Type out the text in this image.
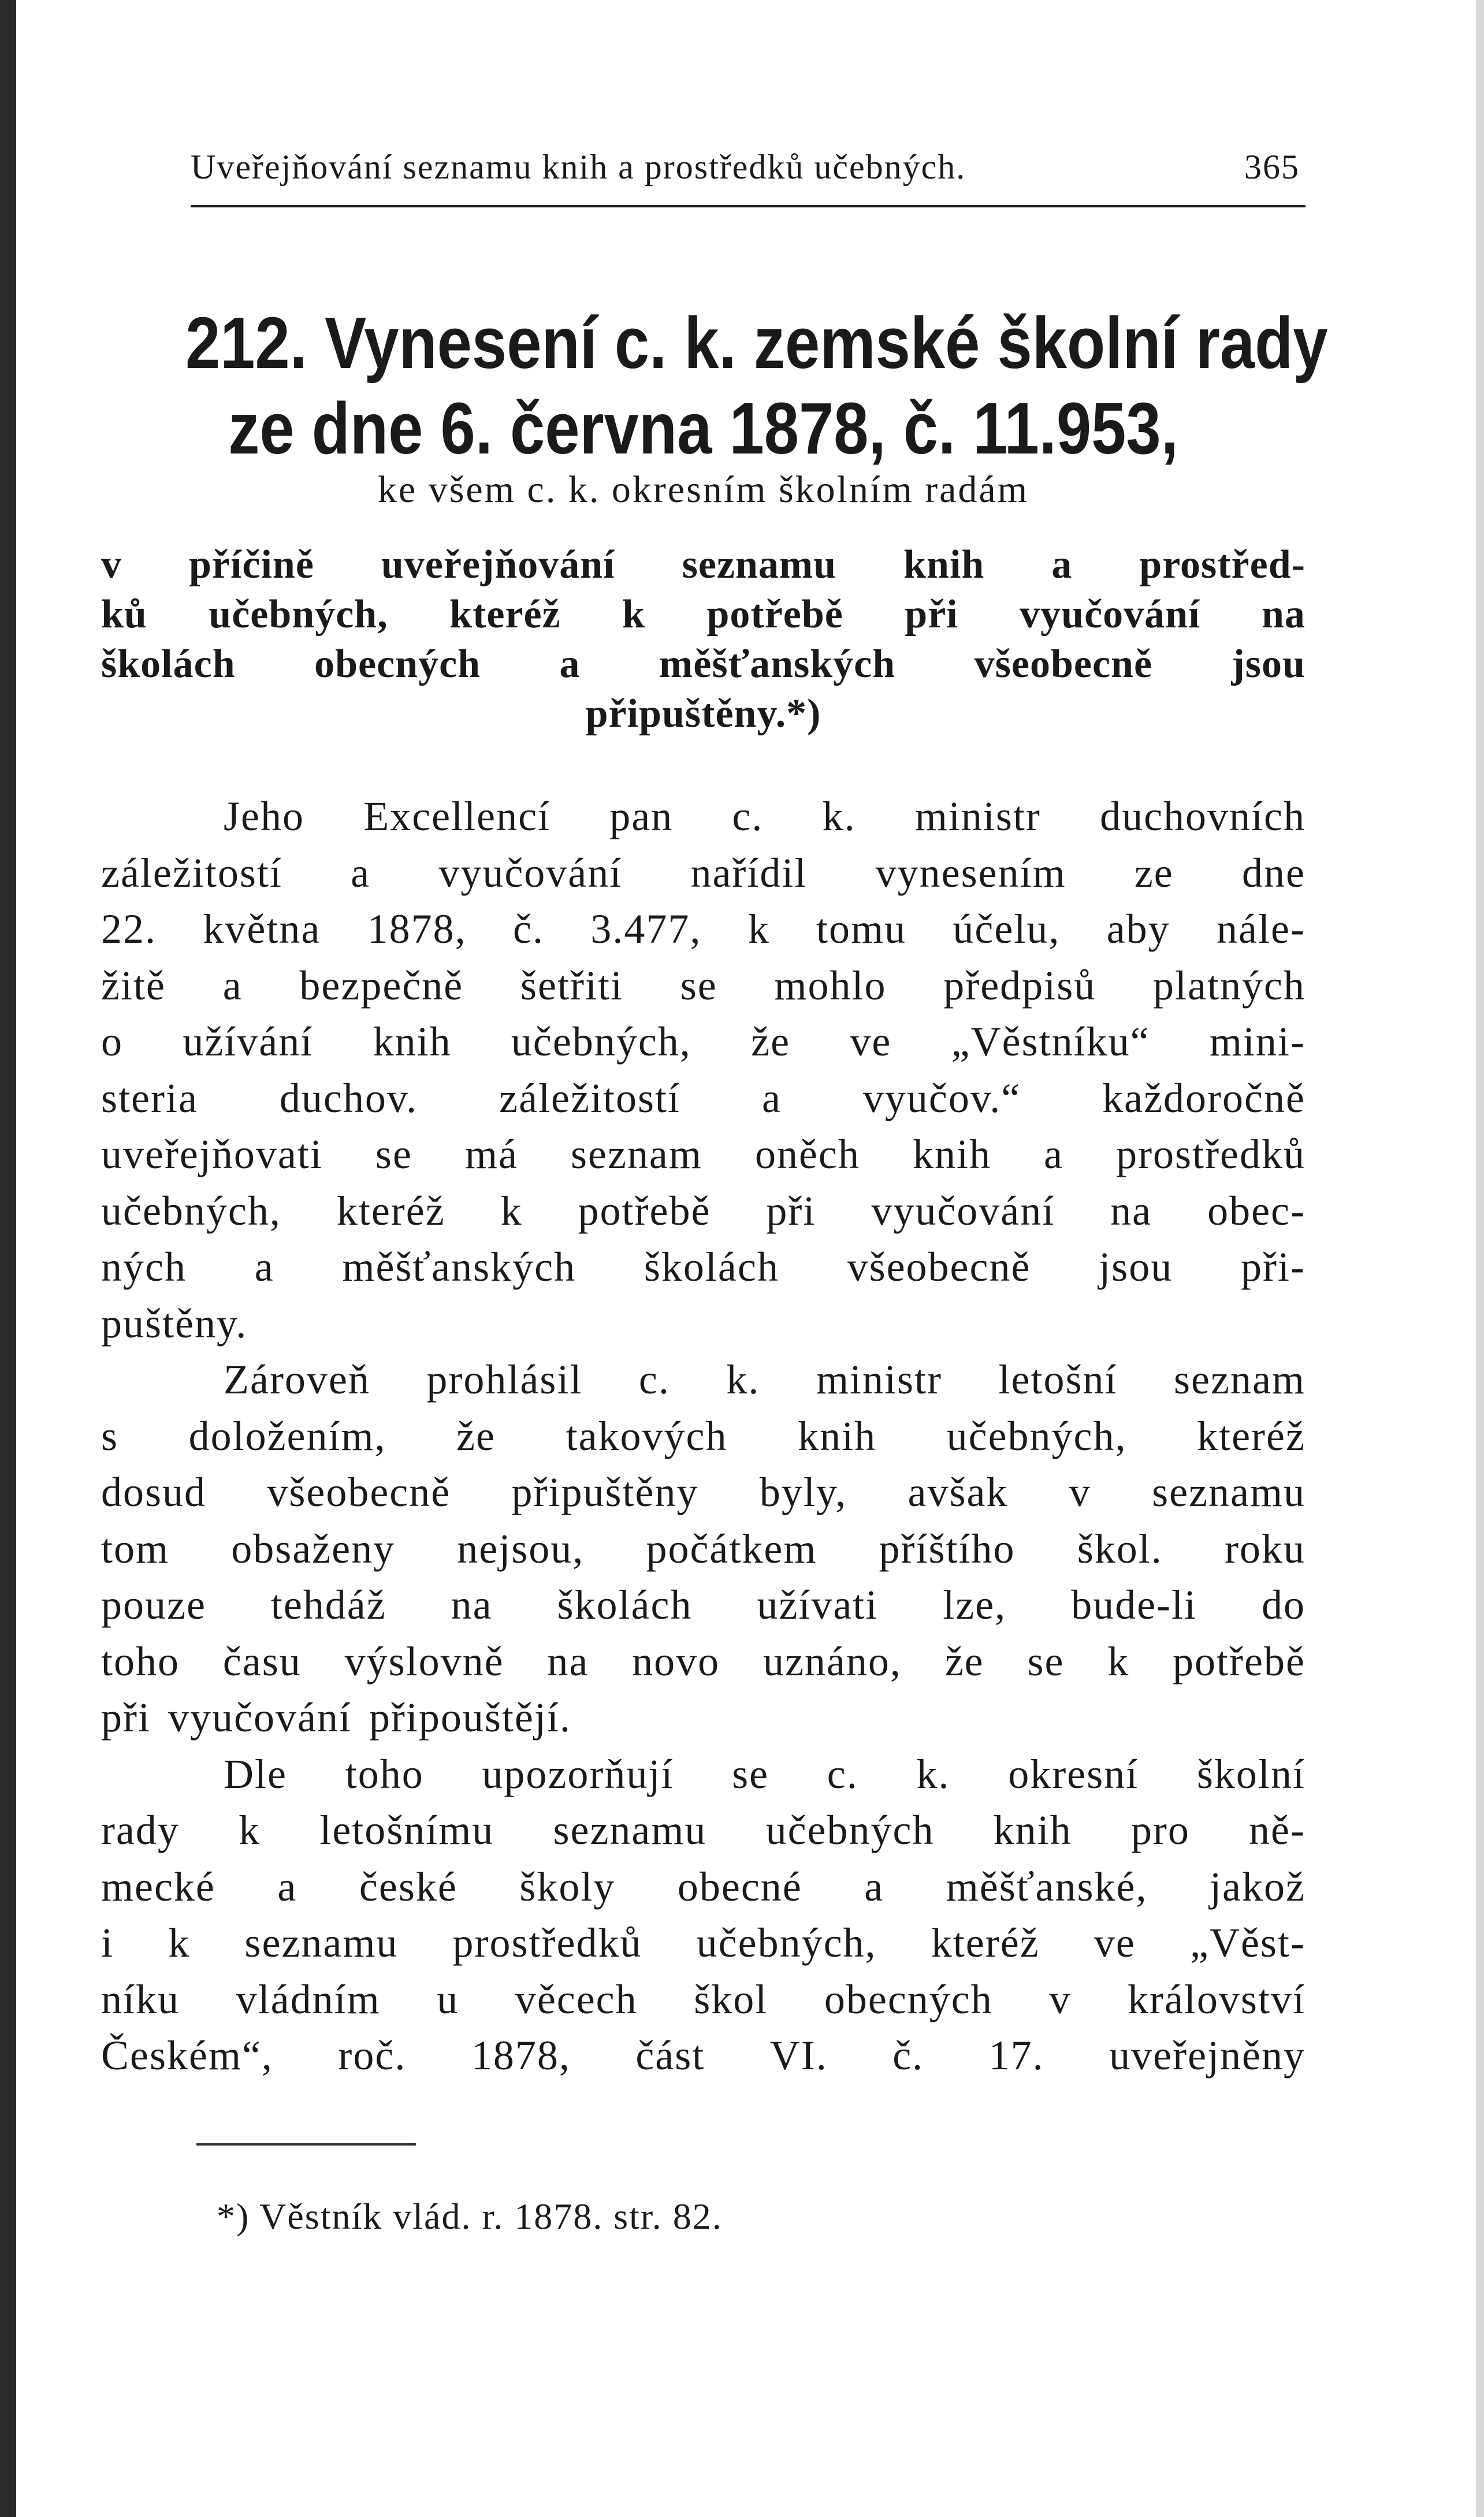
Uveřejňování seznamu knih a prostředků učebných.	365
212. Vynesení c. k. zemské školní rady
ze dne 6. června 1878, č. 11.953,
ke všem c. k. okresním školním radám
v příčině uveřejňování seznamu knih a prostřed-
ků učebných, kteréž k potřebě při vyučování na
školách obecných a měšťanských všeobecně jsou
připuštěny.*)
Jeho Excellencí pan c. k. ministr duchovních
záležitostí a vyučování nařídil vynesením ze dne
22. května 1878, č. 3.477, k tomu účelu, aby nále-
žitě a bezpečně šetřiti se mohlo předpisů platných
o užívání knih učebných, že ve „Věstníku“ mini-
steria duchov. záležitostí a vyučov.“ každoročně
uveřejňovati se má seznam oněch knih a prostředků
učebných, kteréž k potřebě při vyučování na obec-
ných a měšťanských školách všeobecně jsou při-
puštěny.
Zároveň prohlásil c. k. ministr letošní seznam
s doložením, že takových knih učebných, kteréž
dosud všeobecně připuštěny byly, avšak v seznamu
tom obsaženy nejsou, počátkem příštího škol. roku
pouze tehdáž na školách užívati lze, bude-li do
toho času výslovně na novo uznáno, že se k potřebě
při vyučování připouštějí.
Dle toho upozorňují se c. k. okresní školní
rady k letošnímu seznamu učebných knih pro ně-
mecké a české školy obecné a měšťanské, jakož
i k seznamu prostředků učebných, kteréž ve „Věst-
níku vládním u věcech škol obecných v království
Českém“, roč. 1878, část VI. č. 17. uveřejněny
*) Věstník vlád. r. 1878. str. 82.
